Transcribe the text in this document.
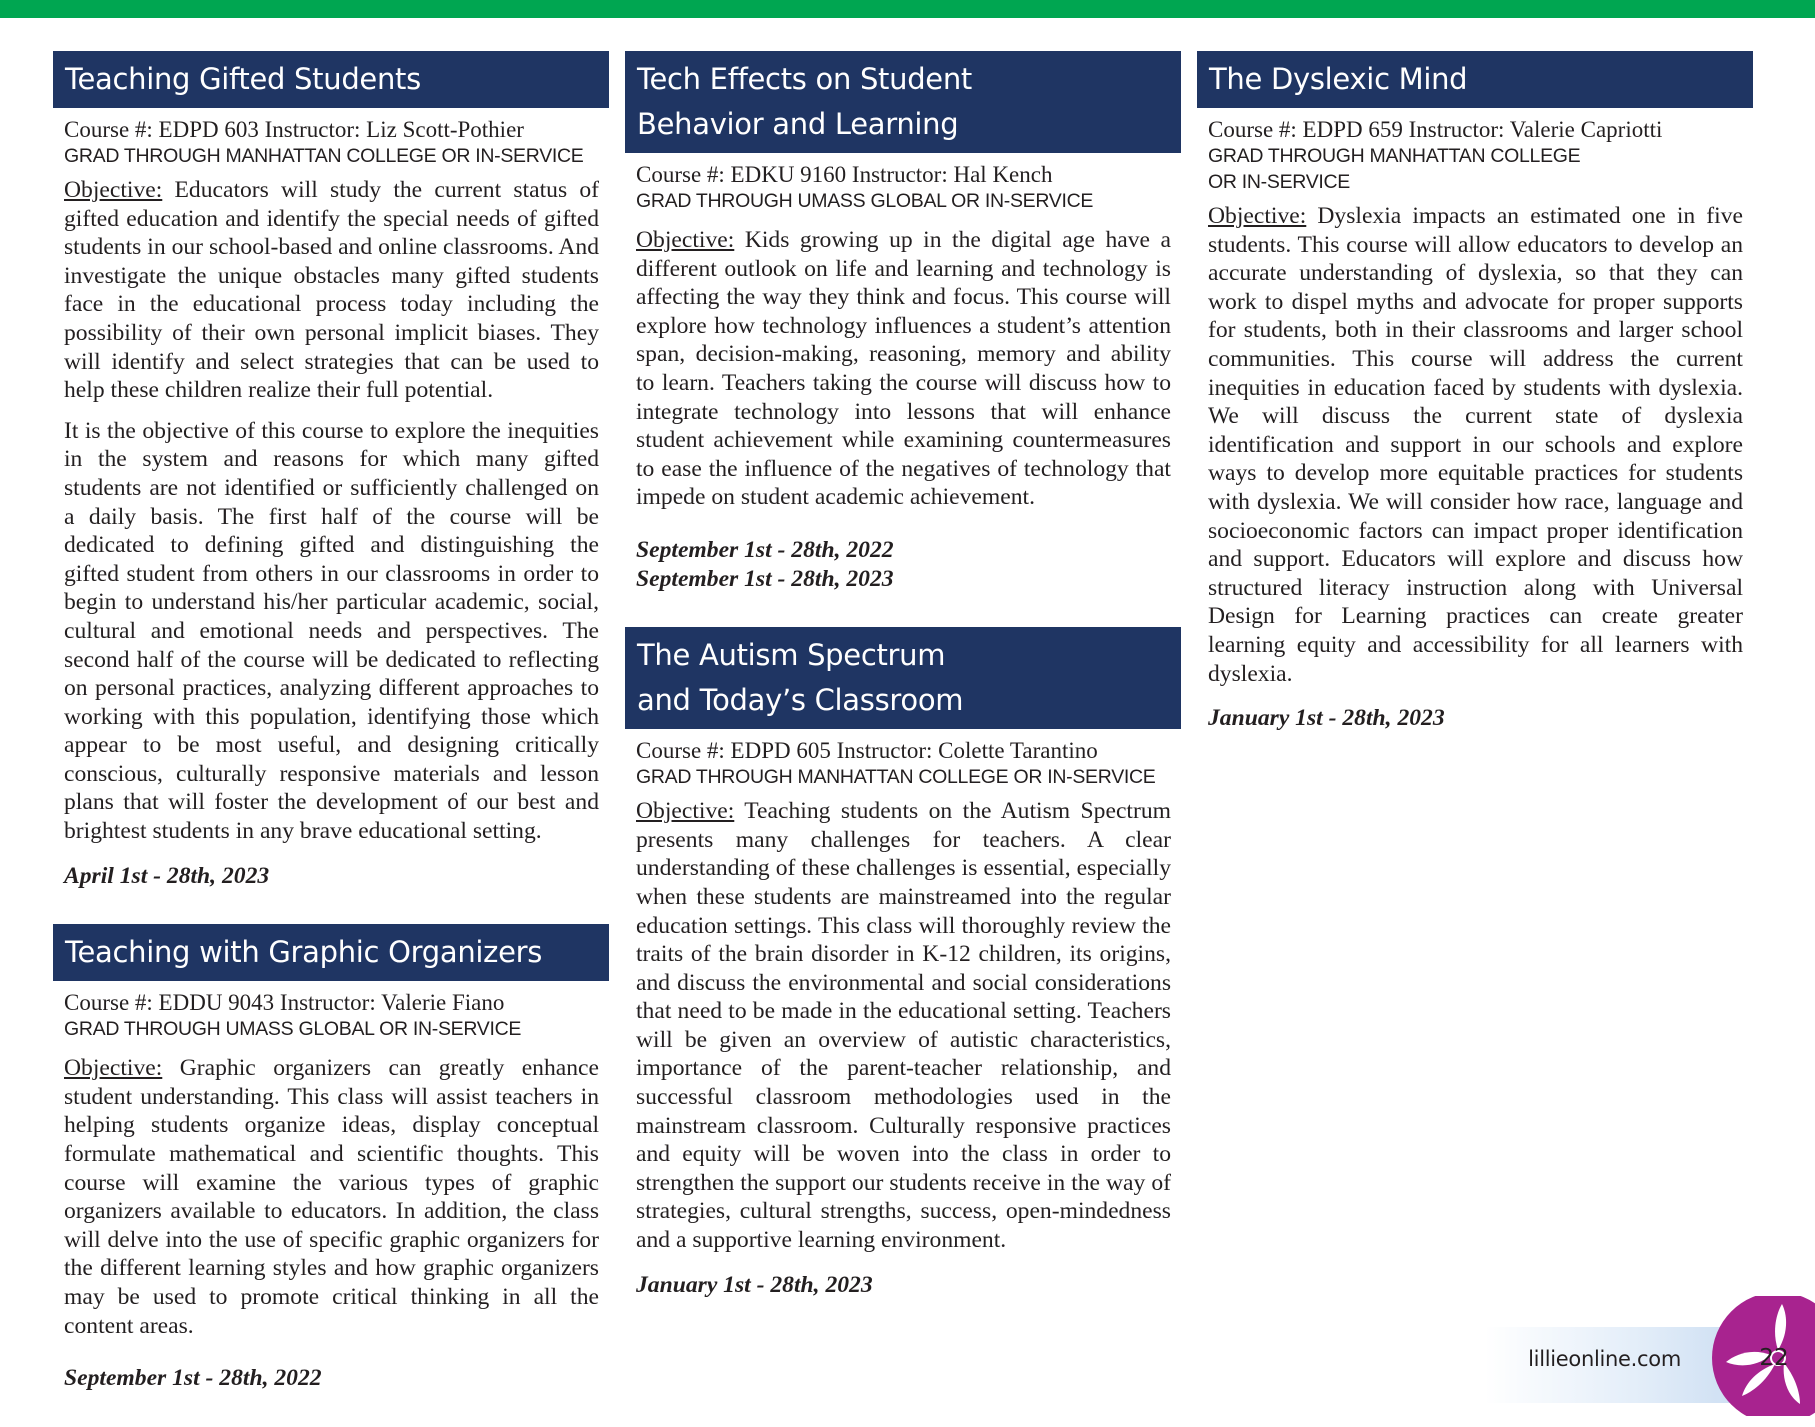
Teaching Gifted Students
Course #: EDPD 603 Instructor: Liz Scott-Pothier
GRAD THROUGH MANHATTAN COLLEGE OR IN-SERVICE

Objective: Educators will study the current status of gifted education and identify the special needs of gifted students in our school-based and online classrooms. And investigate the unique obstacles many gifted students face in the educational process today including the possibility of their own personal implicit biases. They will identify and select strategies that can be used to help these children realize their full potential.

It is the objective of this course to explore the inequities in the system and reasons for which many gifted students are not identified or sufficiently challenged on a daily basis. The first half of the course will be dedicated to defining gifted and distinguishing the gifted student from others in our classrooms in order to begin to understand his/her particular academic, social, cultural and emotional needs and perspectives. The second half of the course will be dedicated to reflecting on personal practices, analyzing different approaches to working with this population, identifying those which appear to be most useful, and designing critically conscious, culturally responsive materials and lesson plans that will foster the development of our best and brightest students in any brave educational setting.

April 1st - 28th, 2023
Teaching with Graphic Organizers
Course #: EDDU 9043 Instructor: Valerie Fiano
GRAD THROUGH UMASS GLOBAL OR IN-SERVICE

Objective: Graphic organizers can greatly enhance student understanding. This class will assist teachers in helping students organize ideas, display conceptual formulate mathematical and scientific thoughts. This course will examine the various types of graphic organizers available to educators. In addition, the class will delve into the use of specific graphic organizers for the different learning styles and how graphic organizers may be used to promote critical thinking in all the content areas.

September 1st - 28th, 2022
Tech Effects on Student
Behavior and Learning
Course #: EDKU 9160 Instructor: Hal Kench
GRAD THROUGH UMASS GLOBAL OR IN-SERVICE

Objective: Kids growing up in the digital age have a different outlook on life and learning and technology is affecting the way they think and focus. This course will explore how technology influences a student’s attention span, decision-making, reasoning, memory and ability to learn. Teachers taking the course will discuss how to integrate technology into lessons that will enhance student achievement while examining countermeasures to ease the influence of the negatives of technology that impede on student academic achievement.

September 1st - 28th, 2022
September 1st - 28th, 2023
The Autism Spectrum
and Today’s Classroom
Course #: EDPD 605 Instructor: Colette Tarantino
GRAD THROUGH MANHATTAN COLLEGE OR IN-SERVICE

Objective: Teaching students on the Autism Spectrum presents many challenges for teachers. A clear understanding of these challenges is essential, especially when these students are mainstreamed into the regular education settings. This class will thoroughly review the traits of the brain disorder in K-12 children, its origins, and discuss the environmental and social considerations that need to be made in the educational setting. Teachers will be given an overview of autistic characteristics, importance of the parent-teacher relationship, and successful classroom methodologies used in the mainstream classroom. Culturally responsive practices and equity will be woven into the class in order to strengthen the support our students receive in the way of strategies, cultural strengths, success, open-mindedness and a supportive learning environment.

January 1st - 28th, 2023
The Dyslexic Mind
Course #: EDPD 659 Instructor: Valerie Capriotti
GRAD THROUGH MANHATTAN COLLEGE
OR IN-SERVICE

Objective: Dyslexia impacts an estimated one in five students. This course will allow educators to develop an accurate understanding of dyslexia, so that they can work to dispel myths and advocate for proper supports for students, both in their classrooms and larger school communities. This course will address the current inequities in education faced by students with dyslexia. We will discuss the current state of dyslexia identification and support in our schools and explore ways to develop more equitable practices for students with dyslexia. We will consider how race, language and socioeconomic factors can impact proper identification and support. Educators will explore and discuss how structured literacy instruction along with Universal Design for Learning practices can create greater learning equity and accessibility for all learners with dyslexia.

January 1st - 28th, 2023
lillieonline.com	22
